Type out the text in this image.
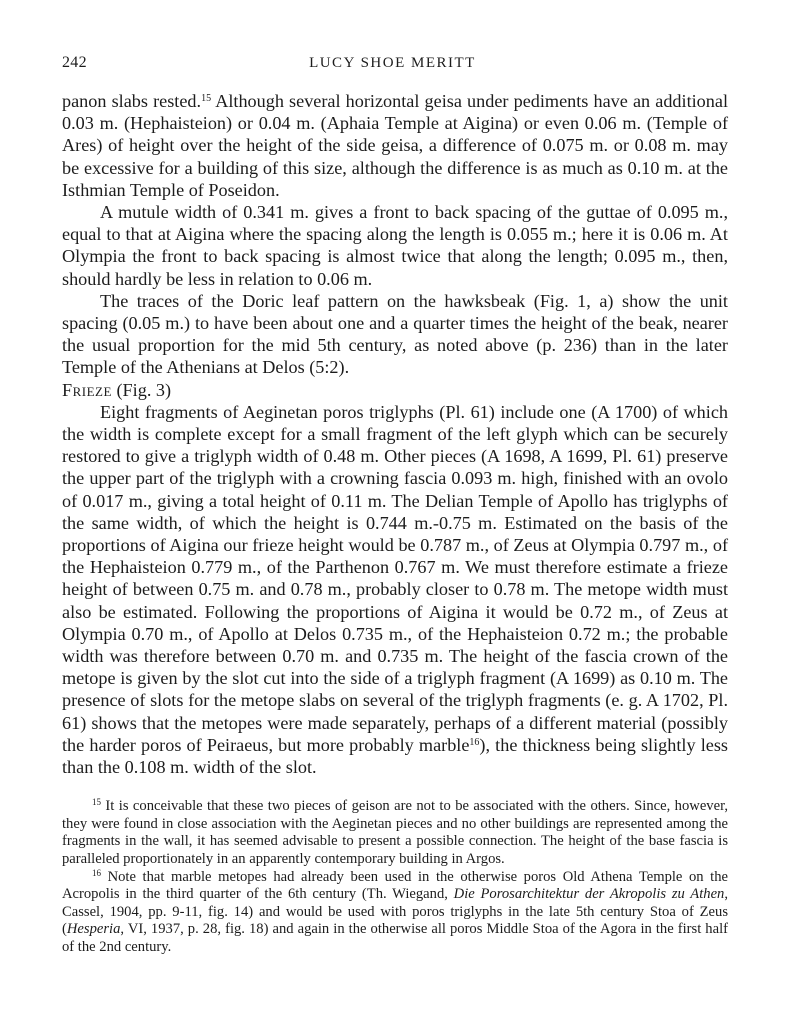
242	LUCY SHOE MERITT

panon slabs rested.$^{15}$ Although several horizontal geisa under pediments have an additional 0.03 m. (Hephaisteion) or 0.04 m. (Aphaia Temple at Aigina) or even 0.06 m. (Temple of Ares) of height over the height of the side geisa, a difference of 0.075 m. or 0.08 m. may be excessive for a building of this size, although the difference is as much as 0.10 m. at the Isthmian Temple of Poseidon.

A mutule width of 0.341 m. gives a front to back spacing of the guttae of 0.095 m., equal to that at Aigina where the spacing along the length is 0.055 m.; here it is 0.06 m. At Olympia the front to back spacing is almost twice that along the length; 0.095 m., then, should hardly be less in relation to 0.06 m.

The traces of the Doric leaf pattern on the hawksbeak (Fig. 1, a) show the unit spacing (0.05 m.) to have been about one and a quarter times the height of the beak, nearer the usual proportion for the mid 5th century, as noted above (p. 236) than in the later Temple of the Athenians at Delos (5:2).

Frieze (Fig. 3)

Eight fragments of Aeginetan poros triglyphs (Pl. 61) include one (A 1700) of which the width is complete except for a small fragment of the left glyph which can be securely restored to give a triglyph width of 0.48 m. Other pieces (A 1698, A 1699, Pl. 61) preserve the upper part of the triglyph with a crowning fascia 0.093 m. high, finished with an ovolo of 0.017 m., giving a total height of 0.11 m. The Delian Temple of Apollo has triglyphs of the same width, of which the height is 0.744 m.-0.75 m. Estimated on the basis of the proportions of Aigina our frieze height would be 0.787 m., of Zeus at Olympia 0.797 m., of the Hephaisteion 0.779 m., of the Parthenon 0.767 m. We must therefore estimate a frieze height of between 0.75 m. and 0.78 m., probably closer to 0.78 m. The metope width must also be estimated. Following the proportions of Aigina it would be 0.72 m., of Zeus at Olympia 0.70 m., of Apollo at Delos 0.735 m., of the Hephaisteion 0.72 m.; the probable width was therefore between 0.70 m. and 0.735 m. The height of the fascia crown of the metope is given by the slot cut into the side of a triglyph fragment (A 1699) as 0.10 m. The presence of slots for the metope slabs on several of the triglyph fragments (e. g. A 1702, Pl. 61) shows that the metopes were made separately, perhaps of a different material (possibly the harder poros of Peiraeus, but more probably marble$^{16}$), the thickness being slightly less than the 0.108 m. width of the slot.

$^{15}$ It is conceivable that these two pieces of geison are not to be associated with the others. Since, however, they were found in close association with the Aeginetan pieces and no other buildings are represented among the fragments in the wall, it has seemed advisable to present a possible connection. The height of the base fascia is paralleled proportionately in an apparently contemporary building in Argos.

$^{16}$ Note that marble metopes had already been used in the otherwise poros Old Athena Temple on the Acropolis in the third quarter of the 6th century (Th. Wiegand, Die Porosarchitektur der Akropolis zu Athen, Cassel, 1904, pp. 9-11, fig. 14) and would be used with poros triglyphs in the late 5th century Stoa of Zeus (Hesperia, VI, 1937, p. 28, fig. 18) and again in the otherwise all poros Middle Stoa of the Agora in the first half of the 2nd century.
